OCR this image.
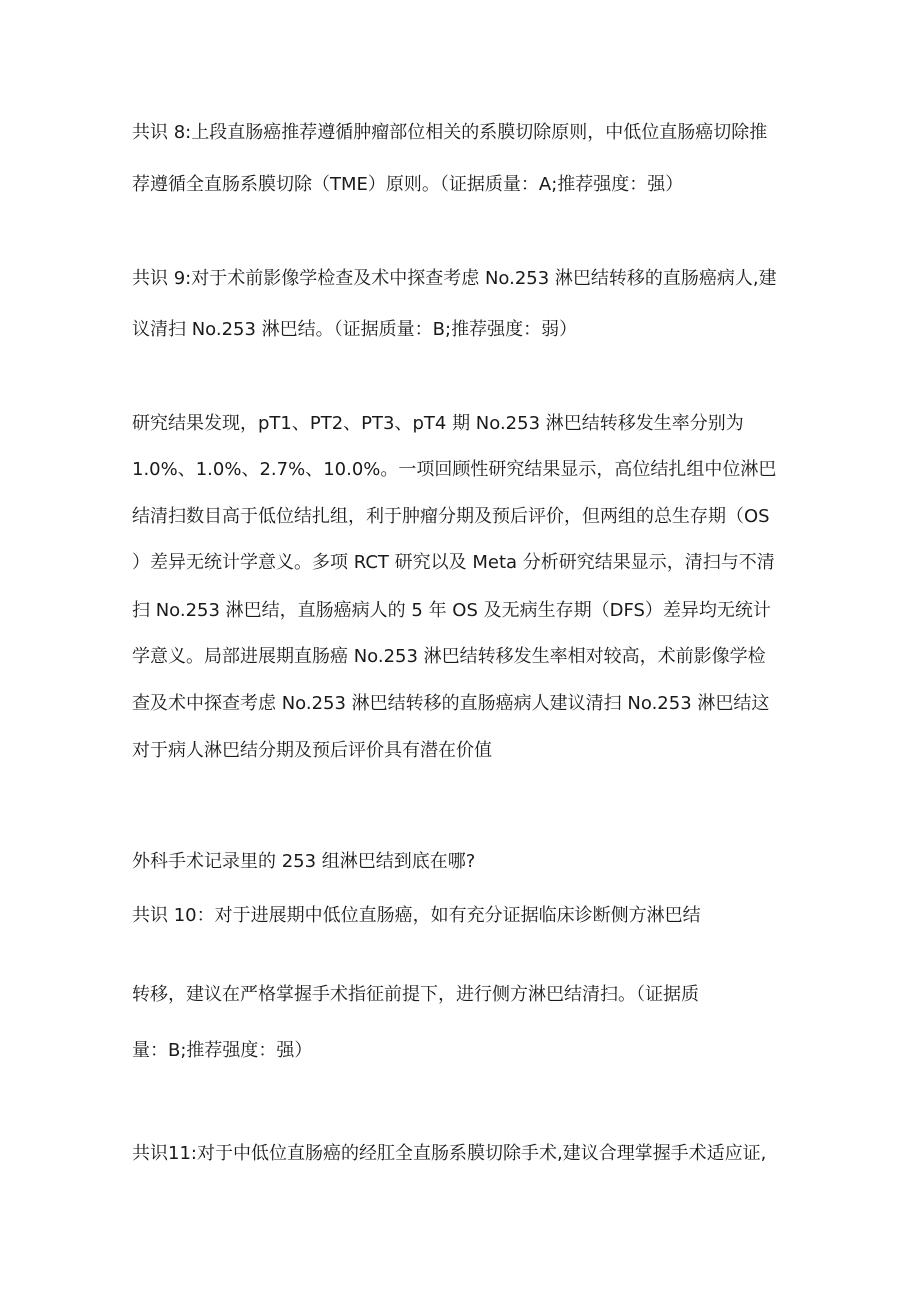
共识 8:上段直肠癌推荐遵循肿瘤部位相关的系膜切除原则，中低位直肠癌切除推
荐遵循全直肠系膜切除（TME）原则。（证据质量：A;推荐强度：强）
共识 9:对于术前影像学检查及术中探查考虑 No.253 淋巴结转移的直肠癌病人,建
议清扫 No.253 淋巴结。（证据质量：B;推荐强度：弱）
研究结果发现，pT1、PT2、PT3、pT4 期 No.253 淋巴结转移发生率分别为
1.0%、1.0%、2.7%、10.0%。一项回顾性研究结果显示，高位结扎组中位淋巴
结清扫数目高于低位结扎组，利于肿瘤分期及预后评价，但两组的总生存期（OS
）差异无统计学意义。多项 RCT 研究以及 Meta 分析研究结果显示，清扫与不清
扫 No.253 淋巴结，直肠癌病人的 5 年 OS 及无病生存期（DFS）差异均无统计
学意义。局部进展期直肠癌 No.253 淋巴结转移发生率相对较高，术前影像学检
查及术中探查考虑 No.253 淋巴结转移的直肠癌病人建议清扫 No.253 淋巴结这
对于病人淋巴结分期及预后评价具有潜在价值
外科手术记录里的 253 组淋巴结到底在哪?
共识 10：对于进展期中低位直肠癌，如有充分证据临床诊断侧方淋巴结
转移，建议在严格掌握手术指征前提下，进行侧方淋巴结清扫。（证据质
量：B;推荐强度：强）
共识11:对于中低位直肠癌的经肛全直肠系膜切除手术,建议合理掌握手术适应证,
